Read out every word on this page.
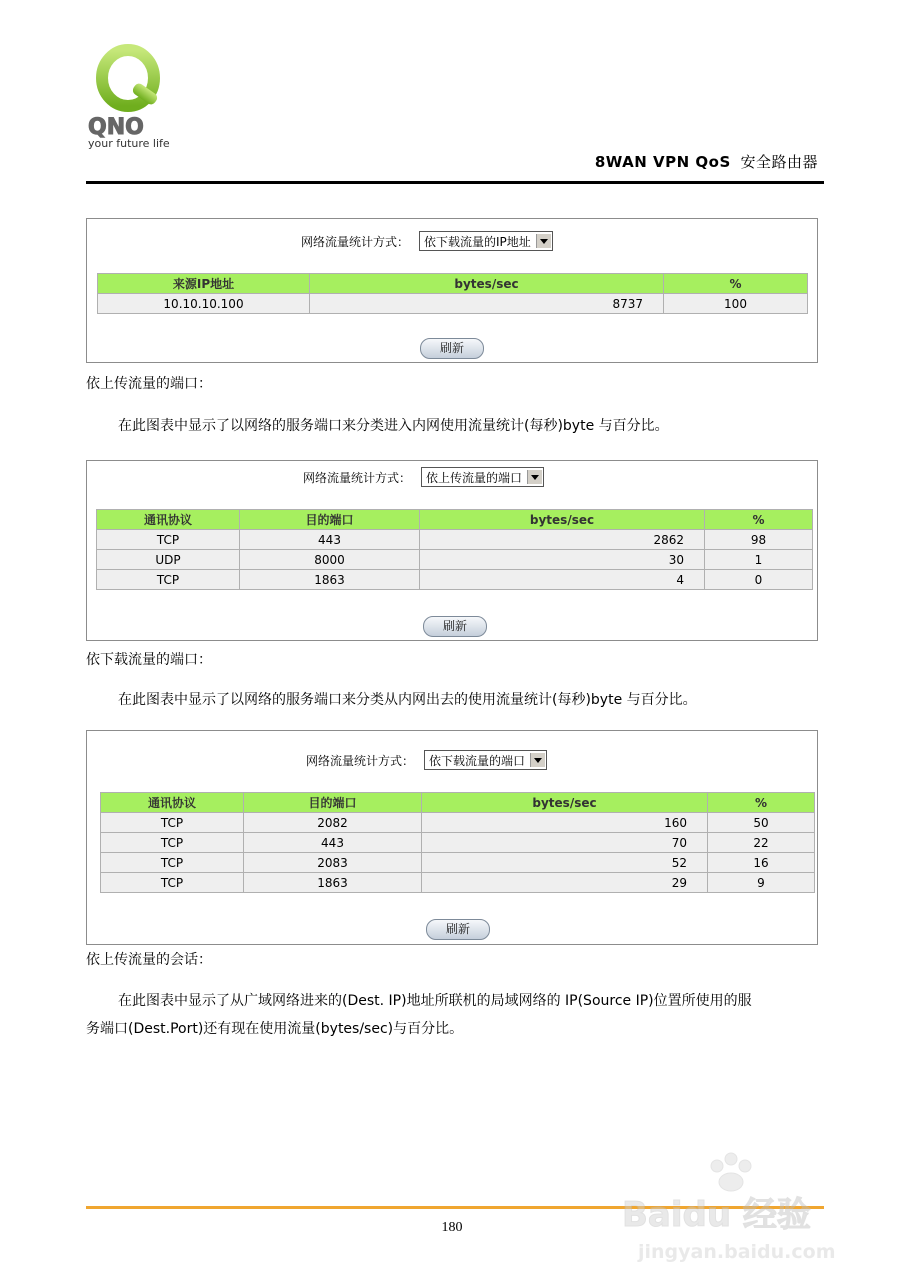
QNO
your future life
8WAN VPN QoS 安全路由器
网络流量统计方式：	依下载流量的IP地址
来源IP地址	bytes/sec	%
10.10.10.100	8737	100
刷新
依上传流量的端口：
在此图表中显示了以网络的服务端口来分类进入内网使用流量统计(每秒)byte 与百分比。
网络流量统计方式：	依上传流量的端口
通讯协议	目的端口	bytes/sec	%
TCP	443	2862	98
UDP	8000	30	1
TCP	1863	4	0
刷新
依下载流量的端口：
在此图表中显示了以网络的服务端口来分类从内网出去的使用流量统计(每秒)byte 与百分比。
网络流量统计方式：	依下载流量的端口
通讯协议	目的端口	bytes/sec	%
TCP	2082	160	50
TCP	443	70	22
TCP	2083	52	16
TCP	1863	29	9
刷新
依上传流量的会话：
在此图表中显示了从广域网络进来的(Dest. IP)地址所联机的局域网络的 IP(Source IP)位置所使用的服
务端口(Dest.Port)还有现在使用流量(bytes/sec)与百分比。
180	Baidu 经验
jingyan.baidu.com
